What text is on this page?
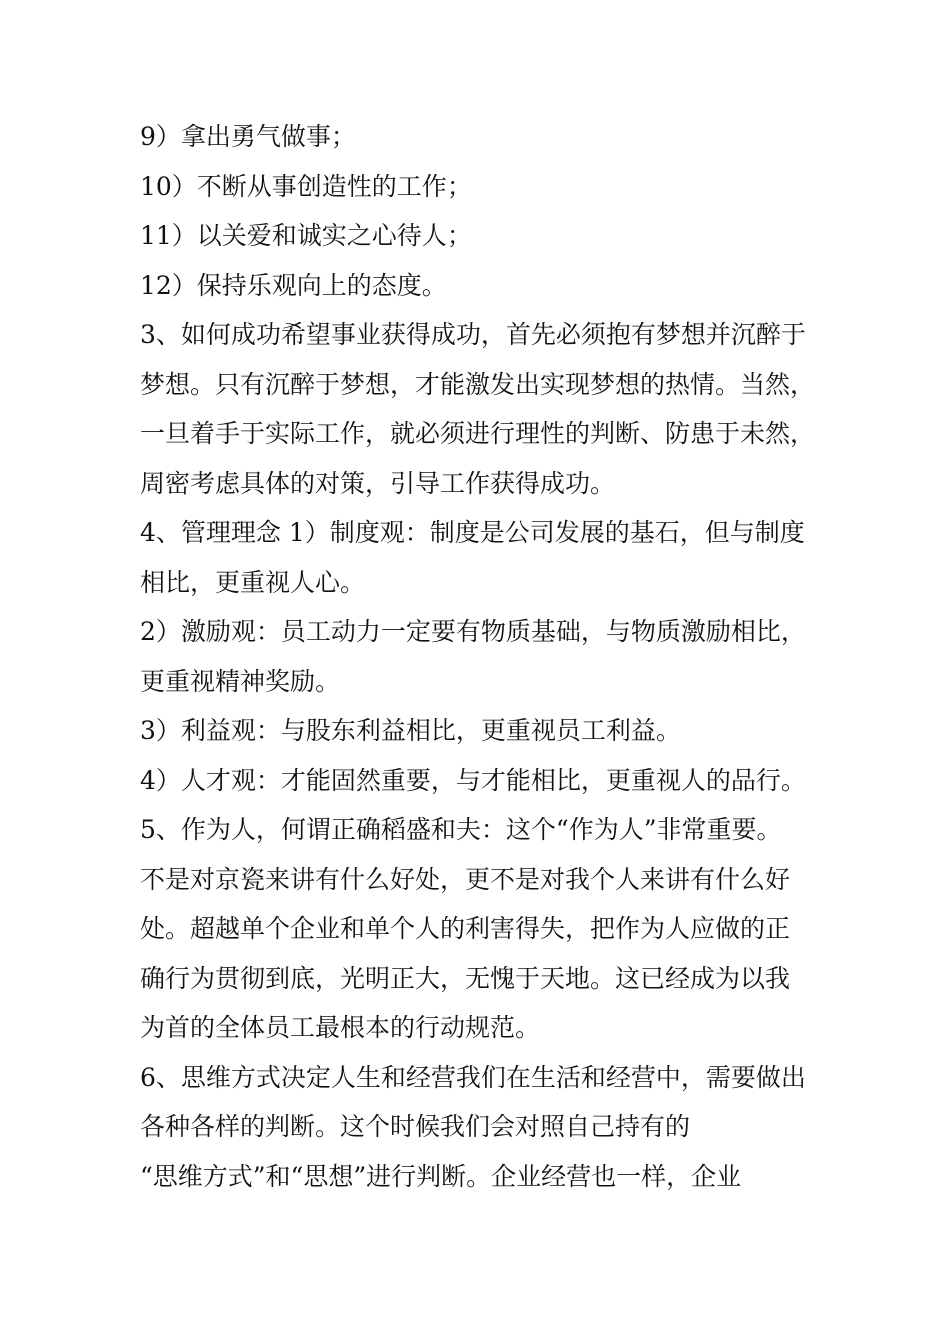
9）拿出勇气做事；
10）不断从事创造性的工作；
11）以关爱和诚实之心待人；
12）保持乐观向上的态度。
3、如何成功希望事业获得成功，首先必须抱有梦想并沉醉于
梦想。只有沉醉于梦想，才能激发出实现梦想的热情。当然，
一旦着手于实际工作，就必须进行理性的判断、防患于未然，
周密考虑具体的对策，引导工作获得成功。
4、管理理念 1）制度观：制度是公司发展的基石，但与制度
相比，更重视人心。
2）激励观：员工动力一定要有物质基础，与物质激励相比，
更重视精神奖励。
3）利益观：与股东利益相比，更重视员工利益。
4）人才观：才能固然重要，与才能相比，更重视人的品行。
5、作为人，何谓正确稻盛和夫：这个“作为人”非常重要。
不是对京瓷来讲有什么好处，更不是对我个人来讲有什么好
处。超越单个企业和单个人的利害得失，把作为人应做的正
确行为贯彻到底，光明正大，无愧于天地。这已经成为以我
为首的全体员工最根本的行动规范。
6、思维方式决定人生和经营我们在生活和经营中，需要做出
各种各样的判断。这个时候我们会对照自己持有的
“思维方式”和“思想”进行判断。企业经营也一样，企业
